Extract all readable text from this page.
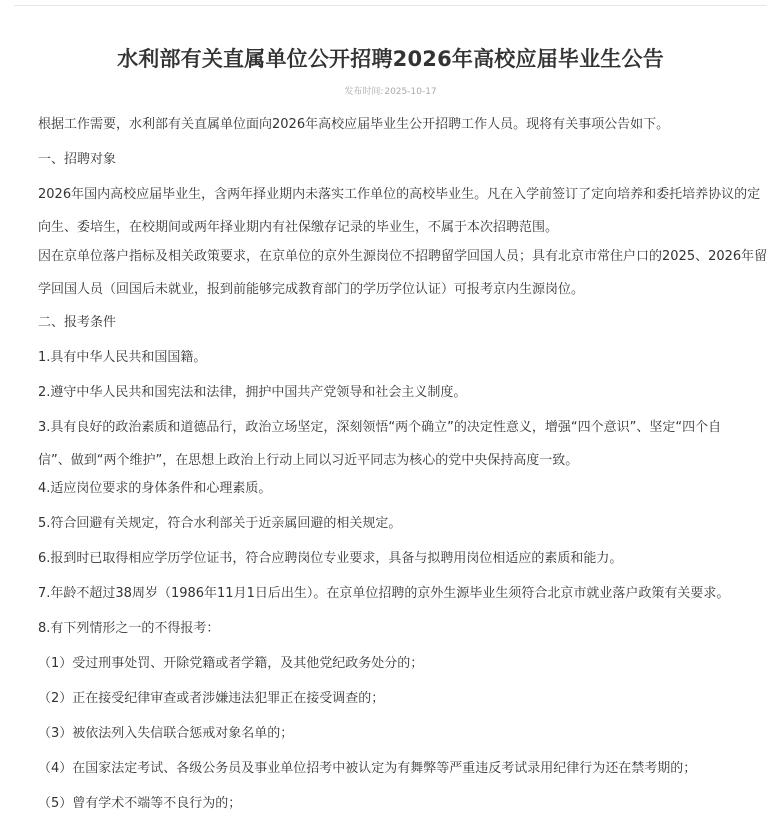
水利部有关直属单位公开招聘2026年高校应届毕业生公告
发布时间:2025-10-17
根据工作需要，水利部有关直属单位面向2026年高校应届毕业生公开招聘工作人员。现将有关事项公告如下。
一、招聘对象
2026年国内高校应届毕业生，含两年择业期内未落实工作单位的高校毕业生。凡在入学前签订了定向培养和委托培养协议的定
向生、委培生，在校期间或两年择业期内有社保缴存记录的毕业生，不属于本次招聘范围。
因在京单位落户指标及相关政策要求，在京单位的京外生源岗位不招聘留学回国人员；具有北京市常住户口的2025、2026年留
学回国人员（回国后未就业，报到前能够完成教育部门的学历学位认证）可报考京内生源岗位。
二、报考条件
1.具有中华人民共和国国籍。
2.遵守中华人民共和国宪法和法律，拥护中国共产党领导和社会主义制度。
3.具有良好的政治素质和道德品行，政治立场坚定，深刻领悟“两个确立”的决定性意义，增强“四个意识”、坚定“四个自
信”、做到“两个维护”，在思想上政治上行动上同以习近平同志为核心的党中央保持高度一致。
4.适应岗位要求的身体条件和心理素质。
5.符合回避有关规定，符合水利部关于近亲属回避的相关规定。
6.报到时已取得相应学历学位证书，符合应聘岗位专业要求，具备与拟聘用岗位相适应的素质和能力。
7.年龄不超过38周岁（1986年11月1日后出生）。在京单位招聘的京外生源毕业生须符合北京市就业落户政策有关要求。
8.有下列情形之一的不得报考：
（1）受过刑事处罚、开除党籍或者学籍，及其他党纪政务处分的；
（2）正在接受纪律审查或者涉嫌违法犯罪正在接受调查的；
（3）被依法列入失信联合惩戒对象名单的；
（4）在国家法定考试、各级公务员及事业单位招考中被认定为有舞弊等严重违反考试录用纪律行为还在禁考期的；
（5）曾有学术不端等不良行为的；
